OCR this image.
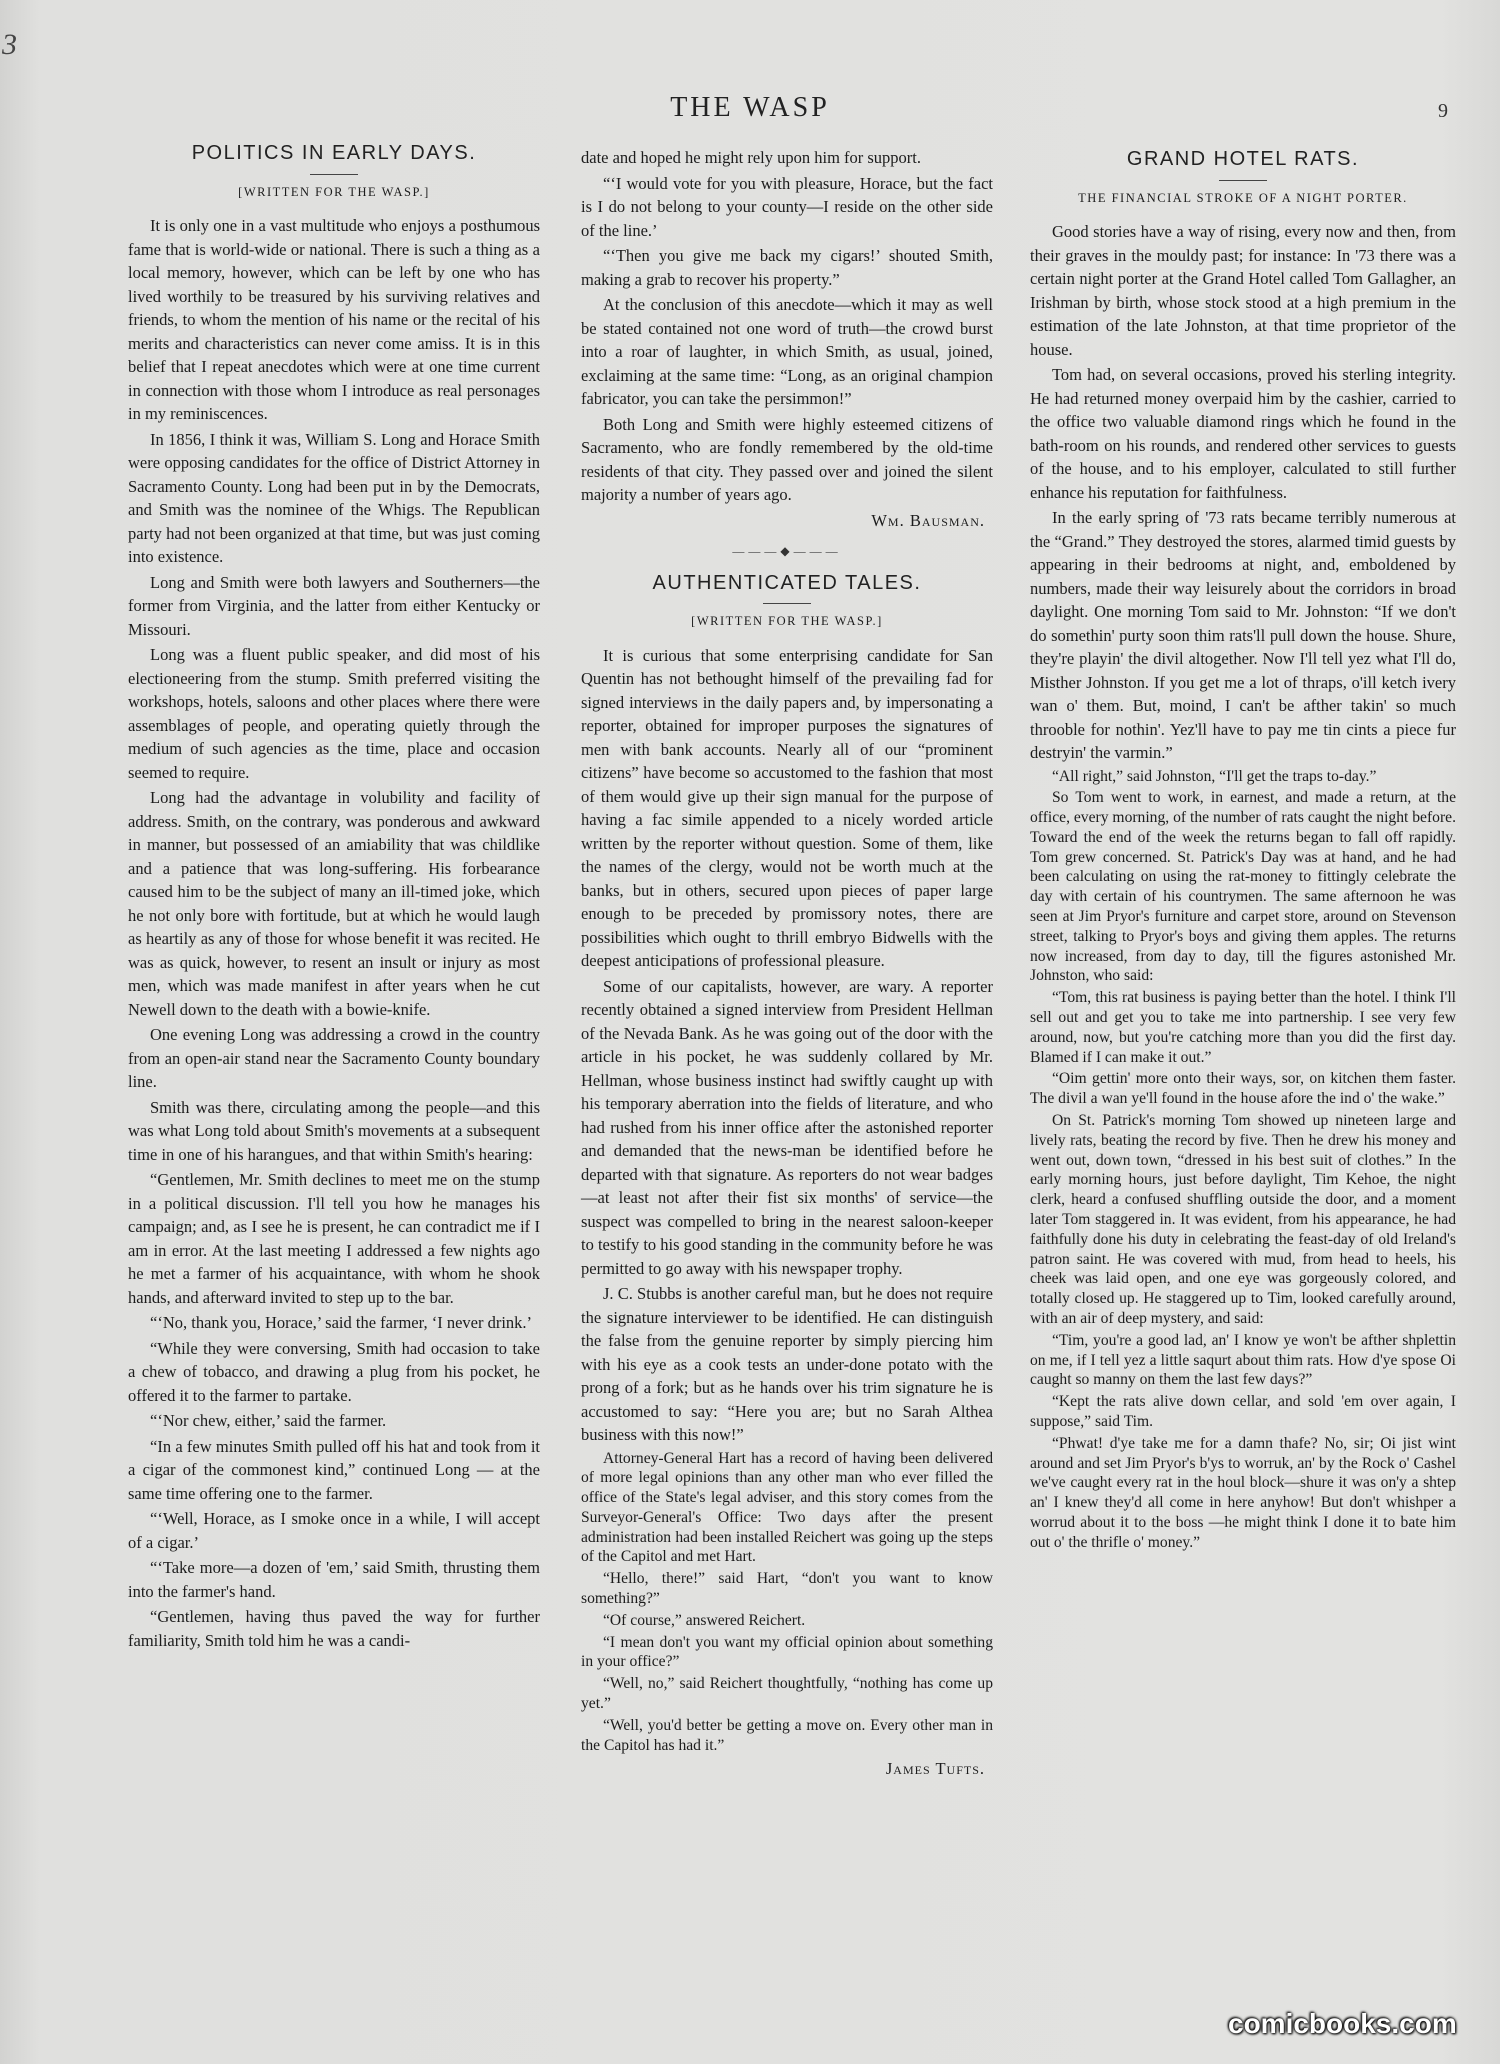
3
THE WASP	9
POLITICS IN EARLY DAYS.
[WRITTEN FOR THE WASP.]

It is only one in a vast multitude who enjoys a posthumous fame that is world-wide or national. There is such a thing as a local memory, however, which can be left by one who has lived worthily to be treasured by his surviving relatives and friends, to whom the mention of his name or the recital of his merits and characteristics can never come amiss. It is in this belief that I repeat anecdotes which were at one time current in connection with those whom I introduce as real personages in my reminiscences.

In 1856, I think it was, William S. Long and Horace Smith were opposing candidates for the office of District Attorney in Sacramento County. Long had been put in by the Democrats, and Smith was the nominee of the Whigs. The Republican party had not been organized at that time, but was just coming into existence.

Long and Smith were both lawyers and Southerners—the former from Virginia, and the latter from either Kentucky or Missouri.

Long was a fluent public speaker, and did most of his electioneering from the stump. Smith preferred visiting the workshops, hotels, saloons and other places where there were assemblages of people, and operating quietly through the medium of such agencies as the time, place and occasion seemed to require.

Long had the advantage in volubility and facility of address. Smith, on the contrary, was ponderous and awkward in manner, but possessed of an amiability that was childlike and a patience that was long-suffering. His forbearance caused him to be the subject of many an ill-timed joke, which he not only bore with fortitude, but at which he would laugh as heartily as any of those for whose benefit it was recited. He was as quick, however, to resent an insult or injury as most men, which was made manifest in after years when he cut Newell down to the death with a bowie-knife.

One evening Long was addressing a crowd in the country from an open-air stand near the Sacramento County boundary line.

Smith was there, circulating among the people—and this was what Long told about Smith's movements at a subsequent time in one of his harangues, and that within Smith's hearing:

“Gentlemen, Mr. Smith declines to meet me on the stump in a political discussion. I'll tell you how he manages his campaign; and, as I see he is present, he can contradict me if I am in error. At the last meeting I addressed a few nights ago he met a farmer of his acquaintance, with whom he shook hands, and afterward invited to step up to the bar.

“‘No, thank you, Horace,’ said the farmer, ‘I never drink.’

“While they were conversing, Smith had occasion to take a chew of tobacco, and drawing a plug from his pocket, he offered it to the farmer to partake.

“‘Nor chew, either,’ said the farmer.

“In a few minutes Smith pulled off his hat and took from it a cigar of the commonest kind,” continued Long — at the same time offering one to the farmer.

“‘Well, Horace, as I smoke once in a while, I will accept of a cigar.’

“‘Take more—a dozen of 'em,’ said Smith, thrusting them into the farmer's hand.

“Gentlemen, having thus paved the way for further familiarity, Smith told him he was a candi-

date and hoped he might rely upon him for support.

“‘I would vote for you with pleasure, Horace, but the fact is I do not belong to your county—I reside on the other side of the line.’

“‘Then you give me back my cigars!’ shouted Smith, making a grab to recover his property.”

At the conclusion of this anecdote—which it may as well be stated contained not one word of truth—the crowd burst into a roar of laughter, in which Smith, as usual, joined, exclaiming at the same time: “Long, as an original champion fabricator, you can take the persimmon!”

Both Long and Smith were highly esteemed citizens of Sacramento, who are fondly remembered by the old-time residents of that city. They passed over and joined the silent majority a number of years ago.

Wm. Bausman.
———◆———
AUTHENTICATED TALES.
[WRITTEN FOR THE WASP.]

It is curious that some enterprising candidate for San Quentin has not bethought himself of the prevailing fad for signed interviews in the daily papers and, by impersonating a reporter, obtained for improper purposes the signatures of men with bank accounts. Nearly all of our “prominent citizens” have become so accustomed to the fashion that most of them would give up their sign manual for the purpose of having a fac simile appended to a nicely worded article written by the reporter without question. Some of them, like the names of the clergy, would not be worth much at the banks, but in others, secured upon pieces of paper large enough to be preceded by promissory notes, there are possibilities which ought to thrill embryo Bidwells with the deepest anticipations of professional pleasure.

Some of our capitalists, however, are wary. A reporter recently obtained a signed interview from President Hellman of the Nevada Bank. As he was going out of the door with the article in his pocket, he was suddenly collared by Mr. Hellman, whose business instinct had swiftly caught up with his temporary aberration into the fields of literature, and who had rushed from his inner office after the astonished reporter and demanded that the news-man be identified before he departed with that signature. As reporters do not wear badges—at least not after their fist six months' of service—the suspect was compelled to bring in the nearest saloon-keeper to testify to his good standing in the community before he was permitted to go away with his newspaper trophy.

J. C. Stubbs is another careful man, but he does not require the signature interviewer to be identified. He can distinguish the false from the genuine reporter by simply piercing him with his eye as a cook tests an under-done potato with the prong of a fork; but as he hands over his trim signature he is accustomed to say: “Here you are; but no Sarah Althea business with this now!”

Attorney-General Hart has a record of having been delivered of more legal opinions than any other man who ever filled the office of the State's legal adviser, and this story comes from the Surveyor-General's Office: Two days after the present administration had been installed Reichert was going up the steps of the Capitol and met Hart.

“Hello, there!” said Hart, “don't you want to know something?”

“Of course,” answered Reichert.

“I mean don't you want my official opinion about something in your office?”

“Well, no,” said Reichert thoughtfully, “nothing has come up yet.”

“Well, you'd better be getting a move on. Every other man in the Capitol has had it.”

James Tufts.
GRAND HOTEL RATS.
THE FINANCIAL STROKE OF A NIGHT PORTER.

Good stories have a way of rising, every now and then, from their graves in the mouldy past; for instance: In '73 there was a certain night porter at the Grand Hotel called Tom Gallagher, an Irishman by birth, whose stock stood at a high premium in the estimation of the late Johnston, at that time proprietor of the house.

Tom had, on several occasions, proved his sterling integrity. He had returned money overpaid him by the cashier, carried to the office two valuable diamond rings which he found in the bath-room on his rounds, and rendered other services to guests of the house, and to his employer, calculated to still further enhance his reputation for faithfulness.

In the early spring of '73 rats became terribly numerous at the “Grand.” They destroyed the stores, alarmed timid guests by appearing in their bedrooms at night, and, emboldened by numbers, made their way leisurely about the corridors in broad daylight. One morning Tom said to Mr. Johnston: “If we don't do somethin' purty soon thim rats'll pull down the house. Shure, they're playin' the divil altogether. Now I'll tell yez what I'll do, Misther Johnston. If you get me a lot of thraps, o'ill ketch ivery wan o' them. But, moind, I can't be afther takin' so much throoble for nothin'. Yez'll have to pay me tin cints a piece fur destryin' the varmin.”

“All right,” said Johnston, “I'll get the traps to-day.”

So Tom went to work, in earnest, and made a return, at the office, every morning, of the number of rats caught the night before. Toward the end of the week the returns began to fall off rapidly. Tom grew concerned. St. Patrick's Day was at hand, and he had been calculating on using the rat-money to fittingly celebrate the day with certain of his countrymen. The same afternoon he was seen at Jim Pryor's furniture and carpet store, around on Stevenson street, talking to Pryor's boys and giving them apples. The returns now increased, from day to day, till the figures astonished Mr. Johnston, who said:

“Tom, this rat business is paying better than the hotel. I think I'll sell out and get you to take me into partnership. I see very few around, now, but you're catching more than you did the first day. Blamed if I can make it out.”

“Oim gettin' more onto their ways, sor, on kitchen them faster. The divil a wan ye'll found in the house afore the ind o' the wake.”

On St. Patrick's morning Tom showed up nineteen large and lively rats, beating the record by five. Then he drew his money and went out, down town, “dressed in his best suit of clothes.” In the early morning hours, just before daylight, Tim Kehoe, the night clerk, heard a confused shuffling outside the door, and a moment later Tom staggered in. It was evident, from his appearance, he had faithfully done his duty in celebrating the feast-day of old Ireland's patron saint. He was covered with mud, from head to heels, his cheek was laid open, and one eye was gorgeously colored, and totally closed up. He staggered up to Tim, looked carefully around, with an air of deep mystery, and said:

“Tim, you're a good lad, an' I know ye won't be afther shplettin on me, if I tell yez a little saqurt about thim rats. How d'ye spose Oi caught so manny on them the last few days?”

“Kept the rats alive down cellar, and sold 'em over again, I suppose,” said Tim.

“Phwat! d'ye take me for a damn thafe? No, sir; Oi jist wint around and set Jim Pryor's b'ys to worruk, an' by the Rock o' Cashel we've caught every rat in the houl block—shure it was on'y a shtep an' I knew they'd all come in here anyhow! But don't whishper a worrud about it to the boss —he might think I done it to bate him out o' the thrifle o' money.”

comicbooks.com
